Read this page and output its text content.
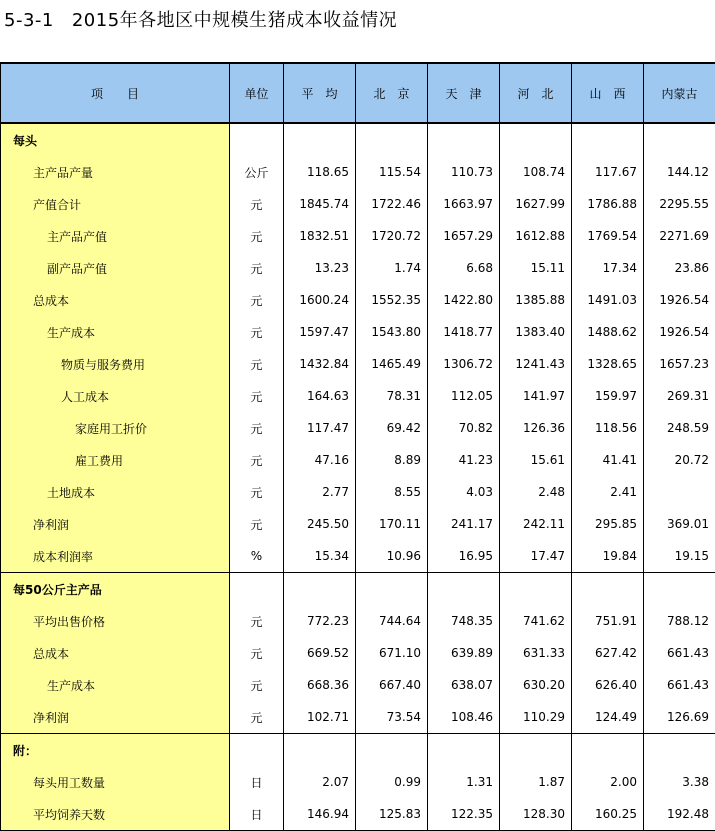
5-3-1 2015年各地区中规模生猪成本收益情况
项　　目	单位	平　均	北　京	天　津	河　北	山　西	内蒙古
每头							
主产品产量	公斤	118.65	115.54	110.73	108.74	117.67	144.12
产值合计	元	1845.74	1722.46	1663.97	1627.99	1786.88	2295.55
主产品产值	元	1832.51	1720.72	1657.29	1612.88	1769.54	2271.69
副产品产值	元	13.23	1.74	6.68	15.11	17.34	23.86
总成本	元	1600.24	1552.35	1422.80	1385.88	1491.03	1926.54
生产成本	元	1597.47	1543.80	1418.77	1383.40	1488.62	1926.54
物质与服务费用	元	1432.84	1465.49	1306.72	1241.43	1328.65	1657.23
人工成本	元	164.63	78.31	112.05	141.97	159.97	269.31
家庭用工折价	元	117.47	69.42	70.82	126.36	118.56	248.59
雇工费用	元	47.16	8.89	41.23	15.61	41.41	20.72
土地成本	元	2.77	8.55	4.03	2.48	2.41	
净利润	元	245.50	170.11	241.17	242.11	295.85	369.01
成本利润率	%	15.34	10.96	16.95	17.47	19.84	19.15
每50公斤主产品							
平均出售价格	元	772.23	744.64	748.35	741.62	751.91	788.12
总成本	元	669.52	671.10	639.89	631.33	627.42	661.43
生产成本	元	668.36	667.40	638.07	630.20	626.40	661.43
净利润	元	102.71	73.54	108.46	110.29	124.49	126.69
附：							
每头用工数量	日	2.07	0.99	1.31	1.87	2.00	3.38
平均饲养天数	日	146.94	125.83	122.35	128.30	160.25	192.48
